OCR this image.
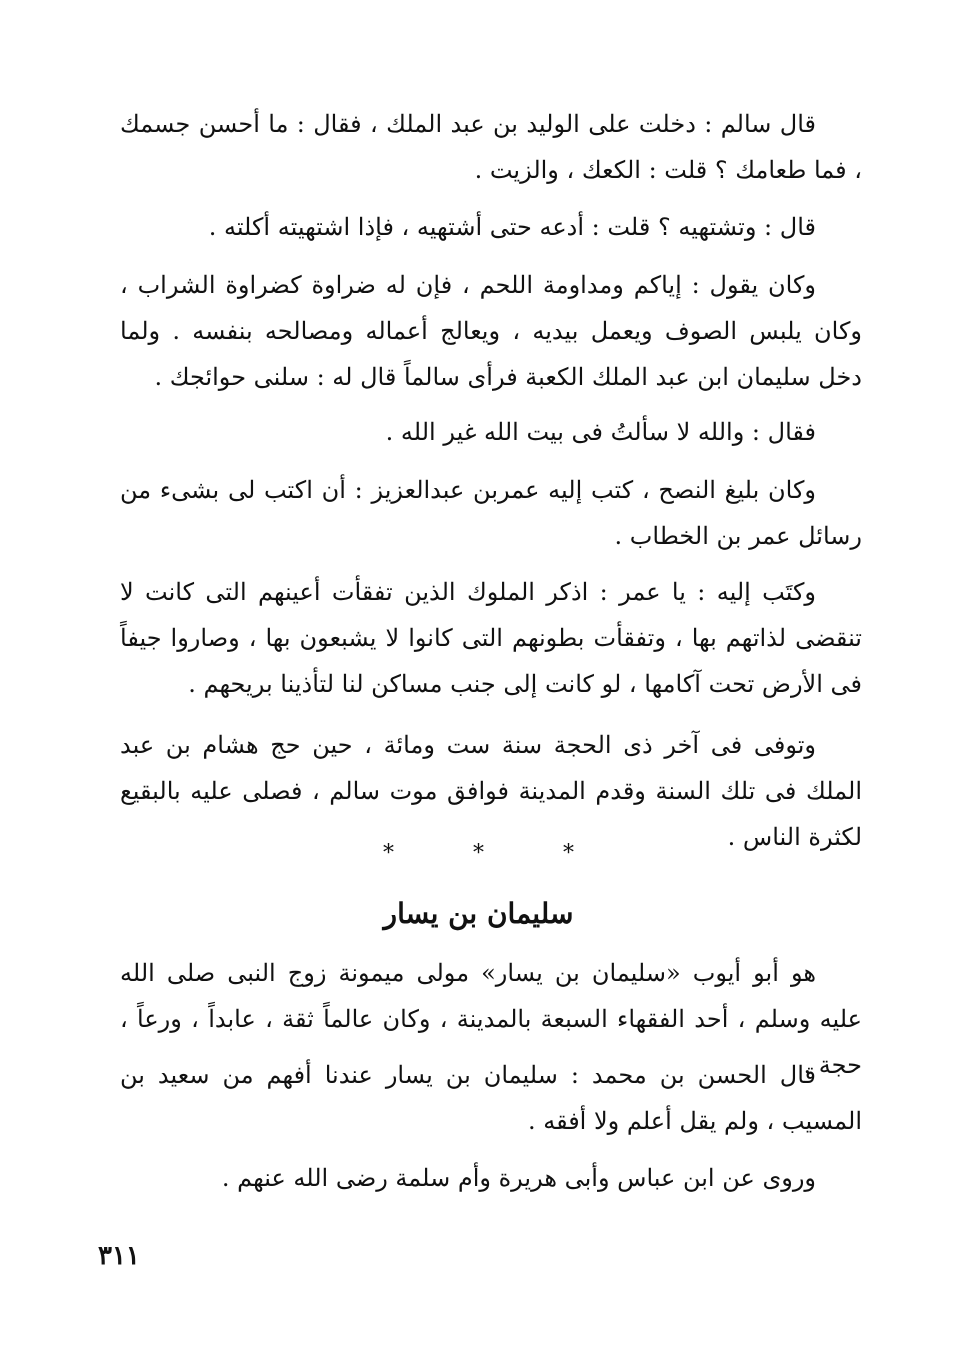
قال سالم : دخلت على الوليد بن عبد الملك ، فقال : ما أحسن جسمك ، فما طعامك ؟ قلت : الكعك ، والزيت .

قال : وتشتهيه ؟ قلت : أدعه حتى أشتهيه ، فإذا اشتهيته أكلته .

وكان يقول : إياكم ومداومة اللحم ، فإن له ضراوة كضراوة الشراب ، وكان يلبس الصوف ويعمل بيديه ، ويعالج أعماله ومصالحه بنفسه . ولما دخل سليمان ابن عبد الملك الكعبة فرأى سالماً قال له : سلنى حوائجك .

فقال : والله لا سألتُ فى بيت الله غير الله .

وكان بليغ النصح ، كتب إليه عمربن عبدالعزيز : أن اكتب لى بشىء من رسائل عمر بن الخطاب .

وكتَب إليه : يا عمر : اذكر الملوك الذين تفقأت أعينهم التى كانت لا تنقضى لذاتهم بها ، وتفقأت بطونهم التى كانوا لا يشبعون بها ، وصاروا جيفاً فى الأرض تحت آكامها ، لو كانت إلى جنب مساكن لنا لتأذينا بريحهم .

وتوفى فى آخر ذى الحجة سنة ست ومائة ، حين حج هشام بن عبد الملك فى تلك السنة وقدم المدينة فوافق موت سالم ، فصلى عليه بالبقيع لكثرة الناس .

* * *
سليمان بن يسار

هو أبو أيوب «سليمان بن يسار» مولى ميمونة زوج النبى صلى الله عليه وسلم ، أحد الفقهاء السبعة بالمدينة ، وكان عالماً ثقة ، عابداً ، ورعاً ، حجة .

قال الحسن بن محمد : سليمان بن يسار عندنا أفهم من سعيد بن المسيب ، ولم يقل أعلم ولا أفقه .

وروى عن ابن عباس وأبى هريرة وأم سلمة رضى الله عنهم .

٣١١
